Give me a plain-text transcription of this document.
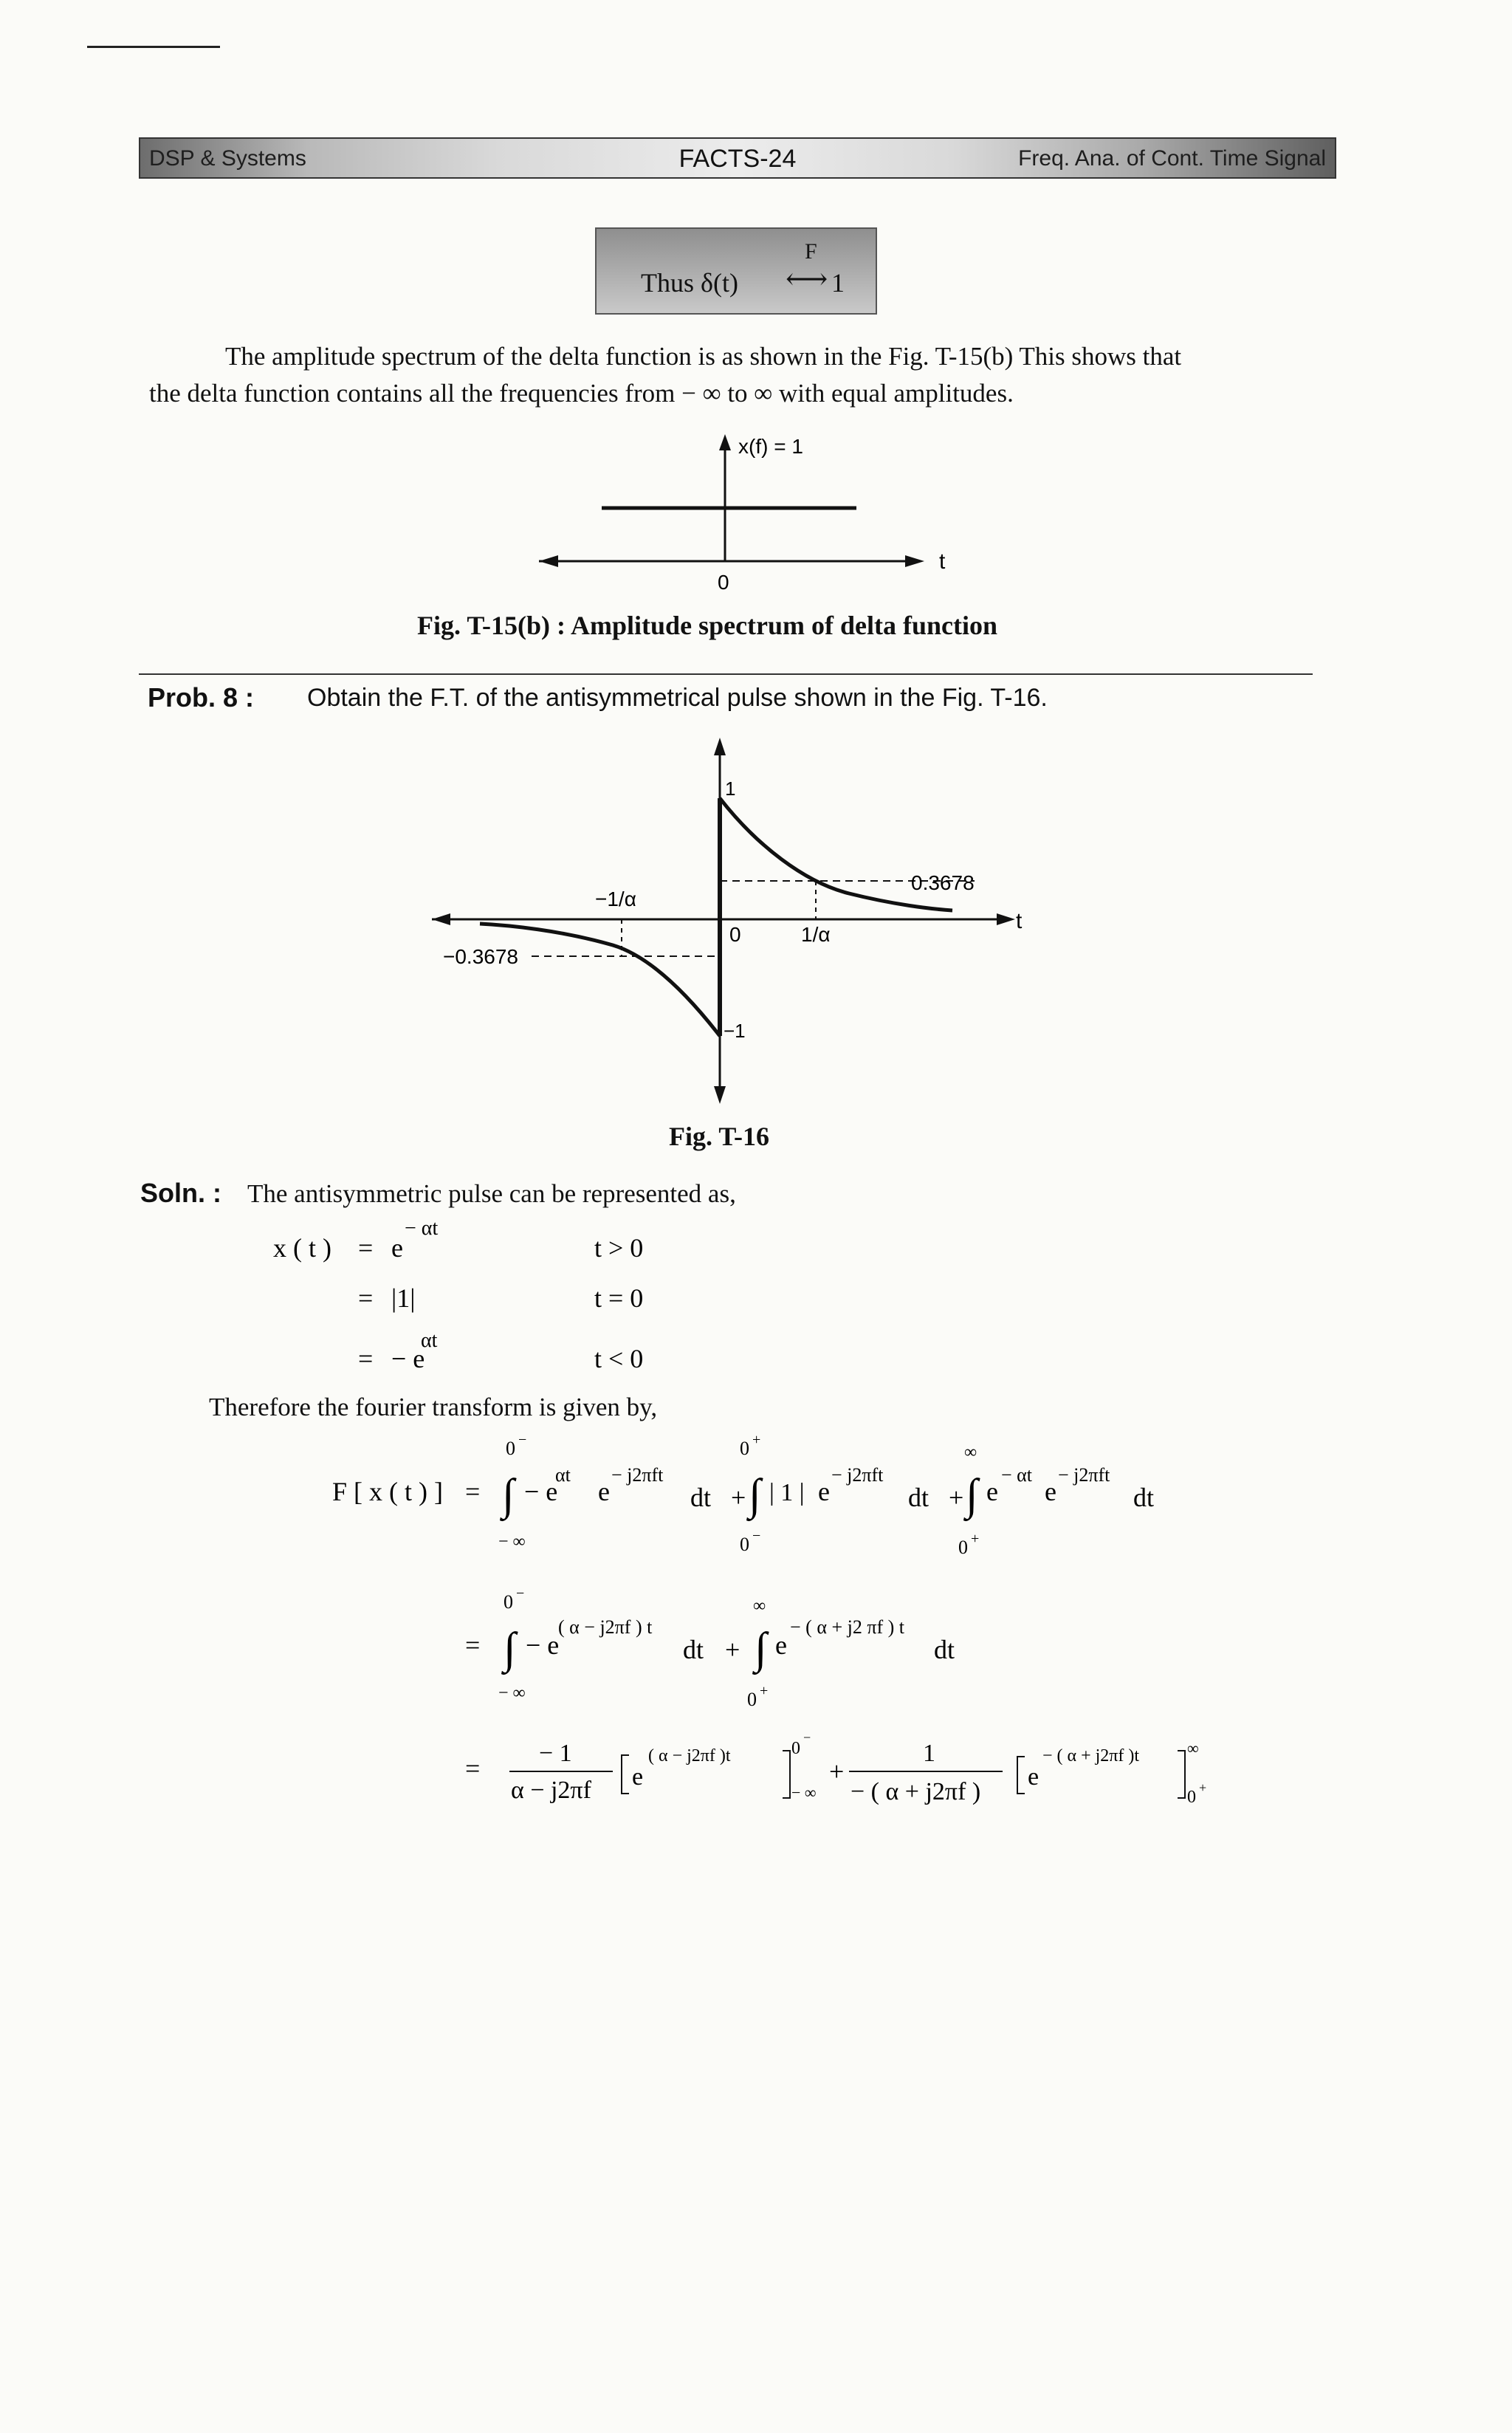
DSP & Systems	FACTS-24	Freq. Ana. of Cont. Time Signal
Thus δ(t)
F
⟷ 1
The amplitude spectrum of the delta function is as shown in the Fig. T-15(b) This shows that
the delta function contains all the frequencies from − ∞ to ∞ with equal amplitudes.
x(f) = 1
t
0
Fig. T-15(b) : Amplitude spectrum of delta function
Prob. 8 : Obtain the F.T. of the antisymmetrical pulse shown in the Fig. T-16.
1
−1
0	1/α
−1/α
0.3678
−0.3678
t
Fig. T-16
Soln. : The antisymmetric pulse can be represented as,
x ( t ) = e
− αt
t > 0
= |1|	t = 0
= − e
αt
t < 0
Therefore the fourier transform is given by,
F [ x ( t ) ] =
0 −
∫
− ∞
− e
αt
e
− j2πft
dt +
0 +
∫
0 −
| 1 | e
− j2πft
dt +
∞
∫
0 +
e
− αt
e
− j2πft
dt
=
0 −
∫
− ∞
− e
( α − j2πf ) t
dt +
∞
∫
0 +
e
− ( α + j2 πf ) t
dt
=
− 1
α − j2πf e
( α − j2πf )t	0
−
− ∞
+
1
− ( α + j2πf )
e
− ( α + j2πf )t	∞
0 +
